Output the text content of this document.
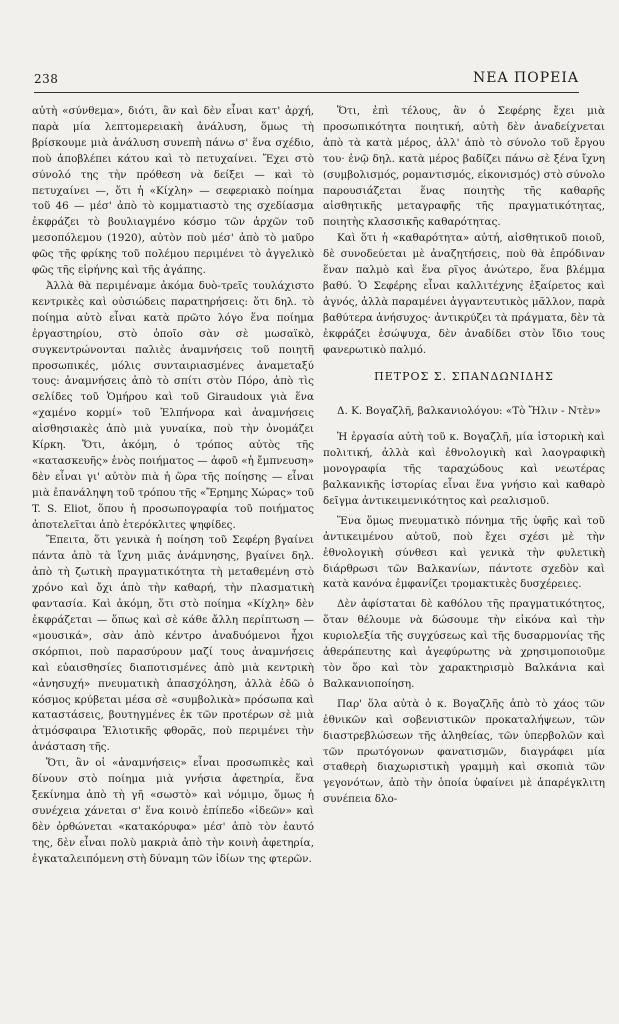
238	ΝΕΑ ΠΟΡΕΙΑ

αὐτὴ «σύνθεμα», διότι, ἂν καὶ δὲν εἶναι κατ' ἀρχή, παρὰ μία λεπτομερειακὴ ἀνάλυση, ὅμως τὴ βρίσκουμε μιὰ ἀνάλυση συνεπὴ πάνω σ' ἕνα σχέδιο, ποὺ ἀποβλέπει κάτου καὶ τὸ πετυχαίνει. Ἔχει στὸ σύνολό της τὴν πρόθεση νὰ δείξει — καὶ τὸ πετυχαίνει —, ὅτι ἡ «Κίχλη» — σεφεριακὸ ποίημα τοῦ 46 — μέσ' ἀπὸ τὸ κομματιαστὸ της σχεδίασμα ἐκφράζει τὸ βουλιαγμένο κόσμο τῶν ἀρχῶν τοῦ μεσοπόλεμου (1920), αὐτὸν ποὺ μέσ' ἀπὸ τὸ μαῦρο φῶς τῆς φρίκης τοῦ πολέμου περιμένει τὸ ἀγγελικὸ φῶς τῆς εἰρήνης καὶ τῆς ἀγάπης.

Ἀλλὰ θὰ περιμέναμε ἀκόμα δυὸ-τρεῖς τουλάχιστο κεντρικὲς καὶ οὐσιώδεις παρατηρήσεις: ὅτι δηλ. τὸ ποίημα αὐτὸ εἶναι κατὰ πρῶτο λόγο ἕνα ποίημα ἐργαστηρίου, στὸ ὁποῖο σὰν σὲ μωσαϊκὸ, συγκεντρώνονται παλιὲς ἀναμνήσεις τοῦ ποιητῆ προσωπικές, μόλις συνταιριασμένες ἀναμεταξύ τους: ἀναμνήσεις ἀπὸ τὸ σπίτι στὸν Πόρο, ἀπὸ τὶς σελίδες τοῦ Ὁμήρου καὶ τοῦ Giraudoux γιὰ ἕνα «χαμένο κορμί» τοῦ Ἐλπήνορα καὶ ἀναμνήσεις αἰσθησιακὲς ἀπὸ μιὰ γυναίκα, ποὺ τὴν ὀνομάζει Κίρκη. Ὅτι, ἀκόμη, ὁ τρόπος αὐτὸς τῆς «κατασκευῆς» ἑνὸς ποιήματος — ἀφοῦ «ἡ ἔμπνευση» δὲν εἶναι γι' αὐτὸν πιὰ ἡ ὥρα τῆς ποίησης — εἶναι μιὰ ἐπανάληψη τοῦ τρόπου τῆς «Ἔρημης Χώρας» τοῦ T. S. Eliot, ὅπου ἡ προσωπογραφία τοῦ ποιήματος ἀποτελεῖται ἀπὸ ἑτερόκλιτες ψηφίδες.

Ἔπειτα, ὅτι γενικὰ ἡ ποίηση τοῦ Σεφέρη βγαίνει πάντα ἀπὸ τὰ ἴχνη μιᾶς ἀνάμνησης, βγαίνει δηλ. ἀπὸ τὴ ζωτικὴ πραγματικότητα τὴ μεταθεμένη στὸ χρόνο καὶ ὄχι ἀπὸ τὴν καθαρή, τὴν πλασματικὴ φαντασία. Καὶ ἀκόμη, ὅτι στὸ ποίημα «Κίχλη» δὲν ἐκφράζεται — ὅπως καὶ σὲ κάθε ἄλλη περίπτωση — «μουσικά», σὰν ἀπὸ κέντρο ἀναδυόμενοι ἦχοι σκόρπιοι, ποὺ παρασύρουν μαζί τους ἀναμνήσεις καὶ εὐαισθησίες διαποτισμένες ἀπὸ μιὰ κεντρικὴ «ἀνησυχή» πνευματικὴ ἀπασχόληση, ἀλλὰ ἐδῶ ὁ κόσμος κρύβεται μέσα σὲ «συμβολικὰ» πρόσωπα καὶ καταστάσεις, βουτηγμένες ἐκ τῶν προτέρων σὲ μιὰ ἀτμόσφαιρα Ἐλιοτικῆς φθορᾶς, ποὺ περιμένει τὴν ἀνάσταση τῆς.

Ὅτι, ἂν οἱ «ἀναμνήσεις» εἶναι προσωπικὲς καὶ δίνουν στὸ ποίημα μιὰ γνήσια ἀφετηρία, ἕνα ξεκίνημα ἀπὸ τὴ γῆ «σωστὸ» καὶ νόμιμο, ὅμως ἡ συνέχεια χάνεται σ' ἕνα κοινὸ ἐπίπεδο «ἰδεῶν» καὶ δὲν ὀρθώνεται «κατακόρυφα» μέσ' ἀπὸ τὸν ἑαυτό της, δὲν εἶναι πολὺ μακριὰ ἀπὸ τὴν κοινὴ ἀφετηρία, ἐγκαταλειπόμενη στὴ δύναμη τῶν ἰδίων της φτερῶν.

Ὅτι, ἐπὶ τέλους, ἂν ὁ Σεφέρης ἔχει μιὰ προσωπικότητα ποιητική, αὐτὴ δὲν ἀναδείχνεται ἀπὸ τὰ κατὰ μέρος, ἀλλ' ἀπὸ τὸ σύνολο τοῦ ἔργου του· ἐνῷ δηλ. κατὰ μέρος βαδίζει πάνω σὲ ξένα ἴχνη (συμβολισμός, ρομαντισμός, εἰκονισμός) στὸ σύνολο παρουσιάζεται ἕνας ποιητὴς τῆς καθαρῆς αἰσθητικῆς μεταγραφῆς τῆς πραγματικότητας, ποιητὴς κλασσικῆς καθαρότητας.

Καὶ ὅτι ἡ «καθαρότητα» αὐτή, αἰσθητικοῦ ποιοῦ, δὲ συνοδεύεται μὲ ἀναζητήσεις, ποὺ θὰ ἐπρόδιναν ἕναν παλμὸ καὶ ἕνα ρῖγος ἀνώτερο, ἕνα βλέμμα βαθύ. Ὁ Σεφέρης εἶναι καλλιτέχνης ἐξαίρετος καὶ ἁγνός, ἀλλὰ παραμένει ἀγγαντευτικὸς μᾶλλον, παρὰ βαθύτερα ἀνήσυχος· ἀντικρύζει τὰ πράγματα, δὲν τὰ ἐκφράζει ἐσώψυχα, δὲν ἀναδίδει στὸν ἴδιο τους φανερωτικὸ παλμό.

ΠΕΤΡΟΣ Σ. ΣΠΑΝΔΩΝΙΔΗΣ

Δ. Κ. Βογαζλῆ, βαλκανιολόγου: «Τὸ Ἤλιν - Ντὲν»

Ἡ ἐργασία αὐτὴ τοῦ κ. Βογαζλῆ, μία ἱστορικὴ καὶ πολιτική, ἀλλὰ καὶ ἐθνολογικὴ καὶ λαογραφικὴ μονογραφία τῆς ταραχώδους καὶ νεωτέρας βαλκανικῆς ἱστορίας εἶναι ἕνα γνήσιο καὶ καθαρὸ δεῖγμα ἀντικειμενικότητος καὶ ρεαλισμοῦ.

Ἕνα ὅμως πνευματικὸ πόνημα τῆς ὑφῆς καὶ τοῦ ἀντικειμένου αὐτοῦ, ποὺ ἔχει σχέσι μὲ τὴν ἐθνολογικὴ σύνθεσι καὶ γενικὰ τὴν φυλετικὴ διάρθρωσι τῶν Βαλκανίων, πάντοτε σχεδὸν καὶ κατὰ κανόνα ἐμφανίζει τρομακτικὲς δυσχέρειες.

Δὲν ἀφίσταται δὲ καθόλου τῆς πραγματικότητος, ὅταν θέλουμε νὰ δώσουμε τὴν εἰκόνα καὶ τὴν κυριολεξία τῆς συγχύσεως καὶ τῆς δυσαρμονίας τῆς ἀθεράπευτης καὶ ἀγεφύρωτης νὰ χρησιμοποιοῦμε τὸν ὅρο καὶ τὸν χαρακτηρισμὸ Βαλκάνια καὶ Βαλκανιοποίηση.

Παρ' ὅλα αὐτὰ ὁ κ. Βογαζλῆς ἀπὸ τὸ χάος τῶν ἐθνικῶν καὶ σοβενιστικῶν προκαταλήψεων, τῶν διαστρεβλώσεων τῆς ἀληθείας, τῶν ὑπερβολῶν καὶ τῶν πρωτόγονων φανατισμῶν, διαγράφει μία σταθερὴ διαχωριστικὴ γραμμὴ καὶ σκοπιὰ τῶν γεγονότων, ἀπὸ τὴν ὁποία ὑφαίνει μὲ ἀπαρέγκλιτη συνέπεια δλο-
